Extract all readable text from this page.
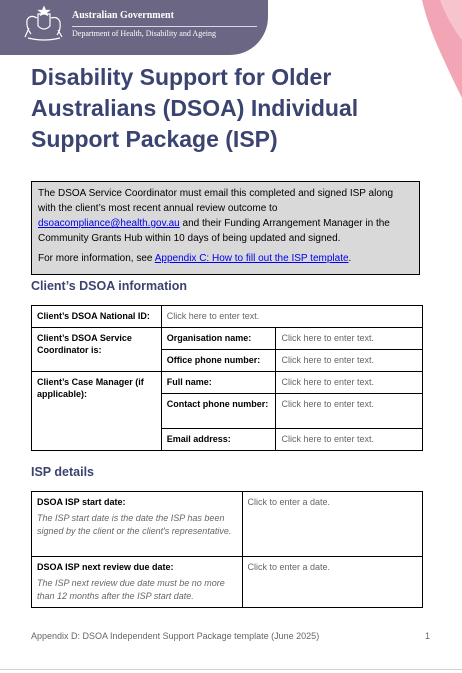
Australian Government
Department of Health, Disability and Ageing
Disability Support for Older Australians (DSOA) Individual Support Package (ISP)

The DSOA Service Coordinator must email this completed and signed ISP along with the client’s most recent annual review outcome to dsoacompliance@health.gov.au and their Funding Arrangement Manager in the Community Grants Hub within 10 days of being updated and signed.

For more information, see Appendix C: How to fill out the ISP template.

Client’s DSOA information
Client’s DSOA National ID:	Click here to enter text.	
Client’s DSOA Service Coordinator is:	Organisation name:	Click here to enter text.
	Office phone number:	Click here to enter text.
Client’s Case Manager (if applicable):	Full name:	Click here to enter text.
	Contact phone number:	Click here to enter text.
	Email address:	Click here to enter text.
ISP details
DSOA ISP start date:
The ISP start date is the date the ISP has been signed by the client or the client's representative.	Click to enter a date.

DSOA ISP next review due date:
The ISP next review due date must be no more than 12 months after the ISP start date.	Click to enter a date.
Appendix D: DSOA Independent Support Package template (June 2025)	1
